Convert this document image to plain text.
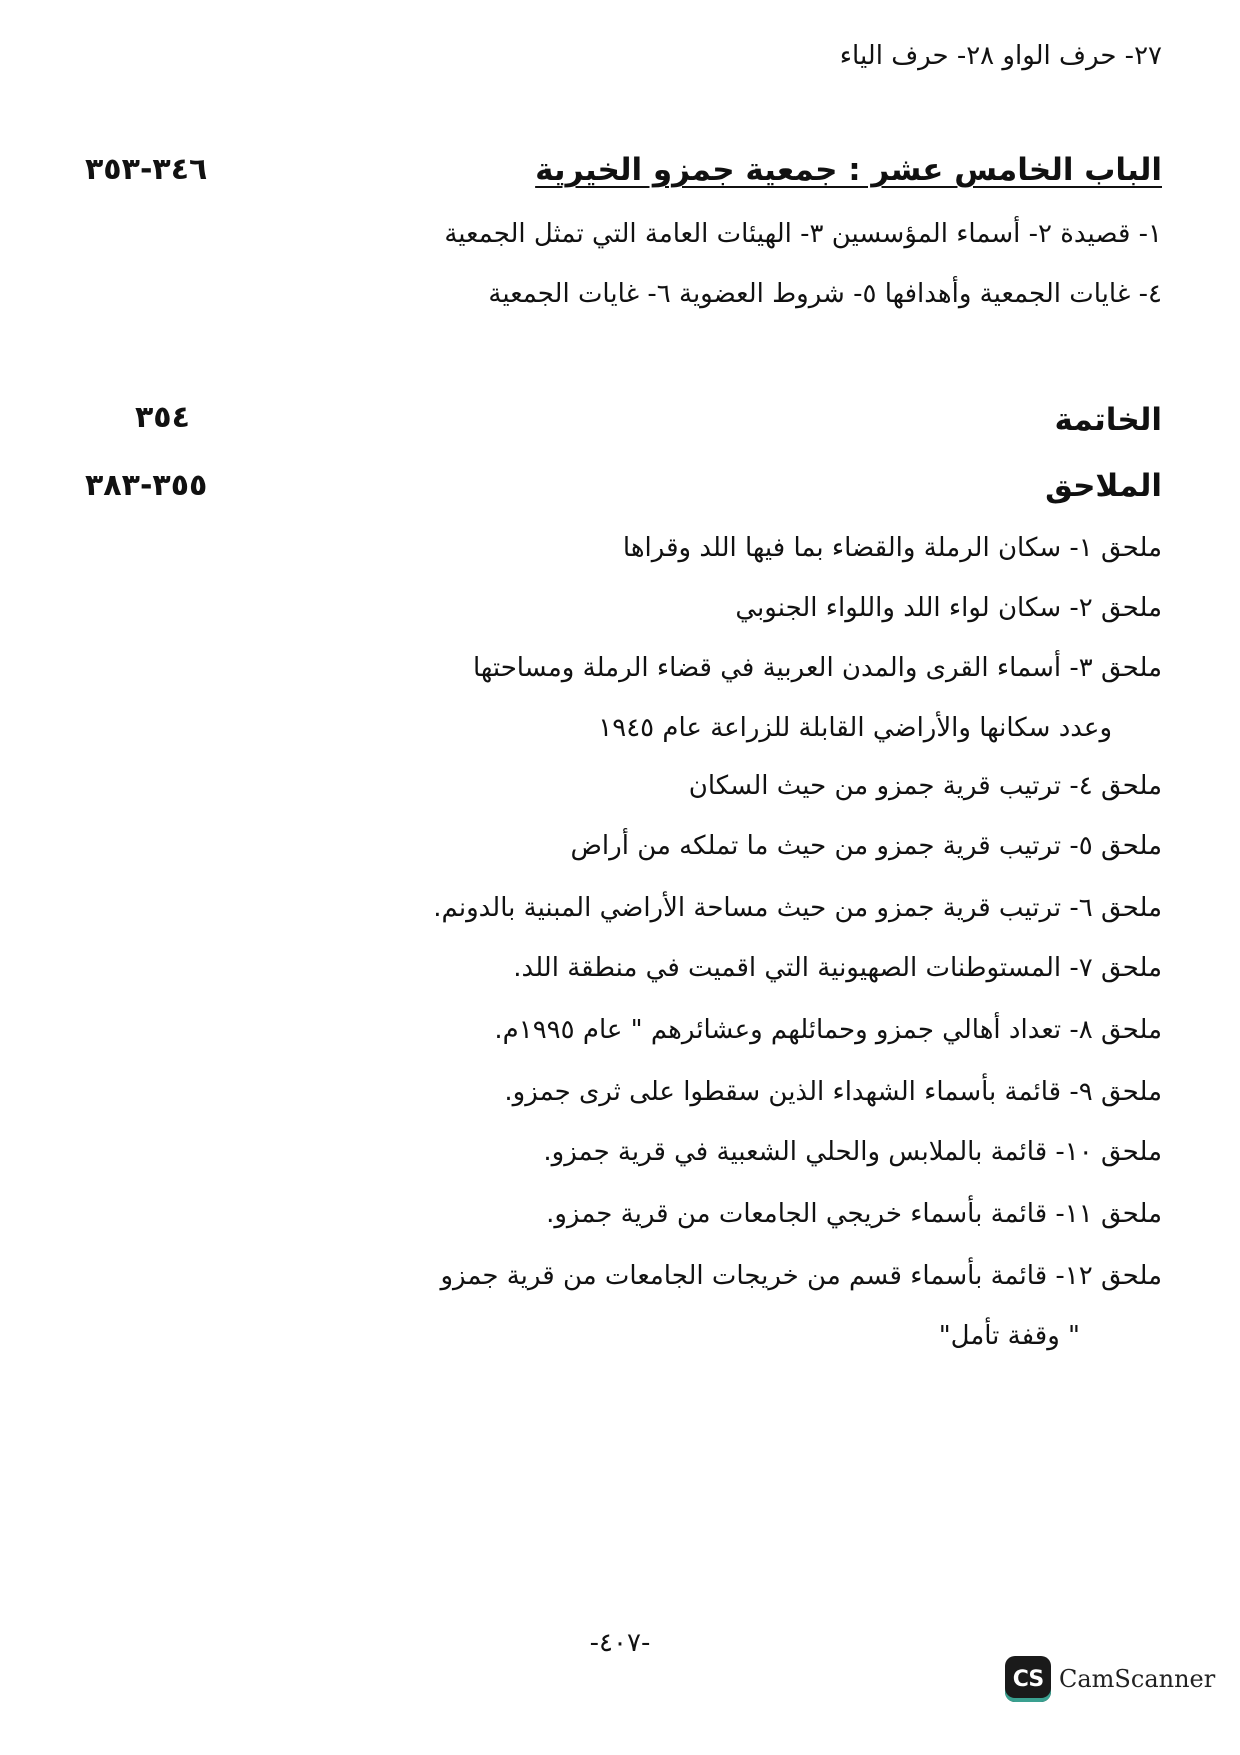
٢٧- حرف الواو ٢٨- حرف الياء
الباب الخامس عشر : جمعية جمزو الخيرية
٣٤٦-٣٥٣
١- قصيدة ٢- أسماء المؤسسين ٣- الهيئات العامة التي تمثل الجمعية
٤- غايات الجمعية وأهدافها ٥- شروط العضوية ٦- غايات الجمعية
الخاتمة
٣٥٤
الملاحق
٣٥٥-٣٨٣
ملحق ١- سكان الرملة والقضاء بما فيها اللد وقراها
ملحق ٢- سكان لواء اللد واللواء الجنوبي
ملحق ٣- أسماء القرى والمدن العربية في قضاء الرملة ومساحتها
وعدد سكانها والأراضي القابلة للزراعة عام ١٩٤٥
ملحق ٤- ترتيب قرية جمزو من حيث السكان
ملحق ٥- ترتيب قرية جمزو من حيث ما تملكه من أراض
ملحق ٦- ترتيب قرية جمزو من حيث مساحة الأراضي المبنية بالدونم.
ملحق ٧- المستوطنات الصهيونية التي اقميت في منطقة اللد.
ملحق ٨- تعداد أهالي جمزو وحمائلهم وعشائرهم " عام ١٩٩٥م.
ملحق ٩- قائمة بأسماء الشهداء الذين سقطوا على ثرى جمزو.
ملحق ١٠- قائمة بالملابس والحلي الشعبية في قرية جمزو.
ملحق ١١- قائمة بأسماء خريجي الجامعات من قرية جمزو.
ملحق ١٢- قائمة بأسماء قسم من خريجات الجامعات من قرية جمزو
" وقفة تأمل"
-٤٠٧-
CS CamScanner
